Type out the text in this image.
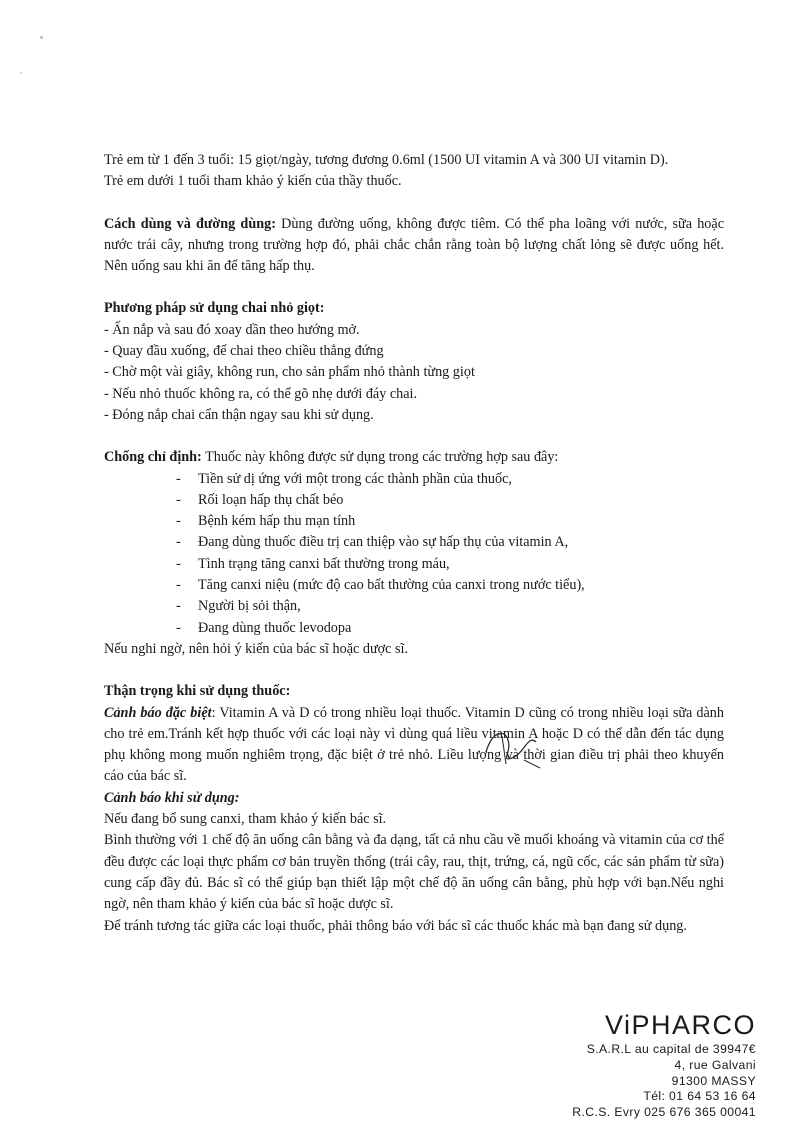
Trẻ em từ 1 đến 3 tuổi: 15 giọt/ngày, tương đương 0.6ml (1500 UI vitamin A và 300 UI vitamin D).

Trẻ em dưới 1 tuổi tham khảo ý kiến của thầy thuốc.

Cách dùng và đường dùng: Dùng đường uống, không được tiêm. Có thể pha loãng với nước, sữa hoặc nước trái cây, nhưng trong trường hợp đó, phải chắc chắn rằng toàn bộ lượng chất lỏng sẽ được uống hết. Nên uống sau khi ăn để tăng hấp thụ.

Phương pháp sử dụng chai nhỏ giọt:

- Ấn nắp và sau đó xoay dần theo hướng mở.
- Quay đầu xuống, để chai theo chiều thẳng đứng
- Chờ một vài giây, không run, cho sản phẩm nhỏ thành từng giọt
- Nếu nhỏ thuốc không ra, có thể gõ nhẹ dưới đáy chai.
- Đóng nắp chai cẩn thận ngay sau khi sử dụng.

Chống chỉ định: Thuốc này không được sử dụng trong các trường hợp sau đây:

- Tiền sử dị ứng với một trong các thành phần của thuốc,
- Rối loạn hấp thụ chất béo
- Bệnh kém hấp thu mạn tính
- Đang dùng thuốc điều trị can thiệp vào sự hấp thụ của vitamin A,
- Tình trạng tăng canxi bất thường trong máu,
- Tăng canxi niệu (mức độ cao bất thường của canxi trong nước tiểu),
- Người bị sỏi thận,
- Đang dùng thuốc levodopa

Nếu nghi ngờ, nên hỏi ý kiến của bác sĩ hoặc dược sĩ.

Thận trọng khi sử dụng thuốc:

Cảnh báo đặc biệt: Vitamin A và D có trong nhiều loại thuốc. Vitamin D cũng có trong nhiều loại sữa dành cho trẻ em.Tránh kết hợp thuốc với các loại này vì dùng quá liều vitamin A hoặc D có thể dẫn đến tác dụng phụ không mong muốn nghiêm trọng, đặc biệt ở trẻ nhỏ. Liều lượng và thời gian điều trị phải theo khuyến cáo của bác sĩ.

Cảnh báo khi sử dụng:

Nếu đang bổ sung canxi, tham khảo ý kiến bác sĩ.

Bình thường với 1 chế độ ăn uống cân bằng và đa dạng, tất cả nhu cầu về muối khoáng và vitamin của cơ thể đều được các loại thực phẩm cơ bản truyền thống (trái cây, rau, thịt, trứng, cá, ngũ cốc, các sản phẩm từ sữa) cung cấp đầy đủ. Bác sĩ có thể giúp bạn thiết lập một chế độ ăn uống cân bằng, phù hợp với bạn.Nếu nghi ngờ, nên tham khảo ý kiến của bác sĩ hoặc dược sĩ.

Để tránh tương tác giữa các loại thuốc, phải thông báo với bác sĩ các thuốc khác mà bạn đang sử dụng.

ViPHARCO
S.A.R.L au capital de 39947€
4, rue Galvani
91300 MASSY
Tél: 01 64 53 16 64
R.C.S. Evry 025 676 365 00041
